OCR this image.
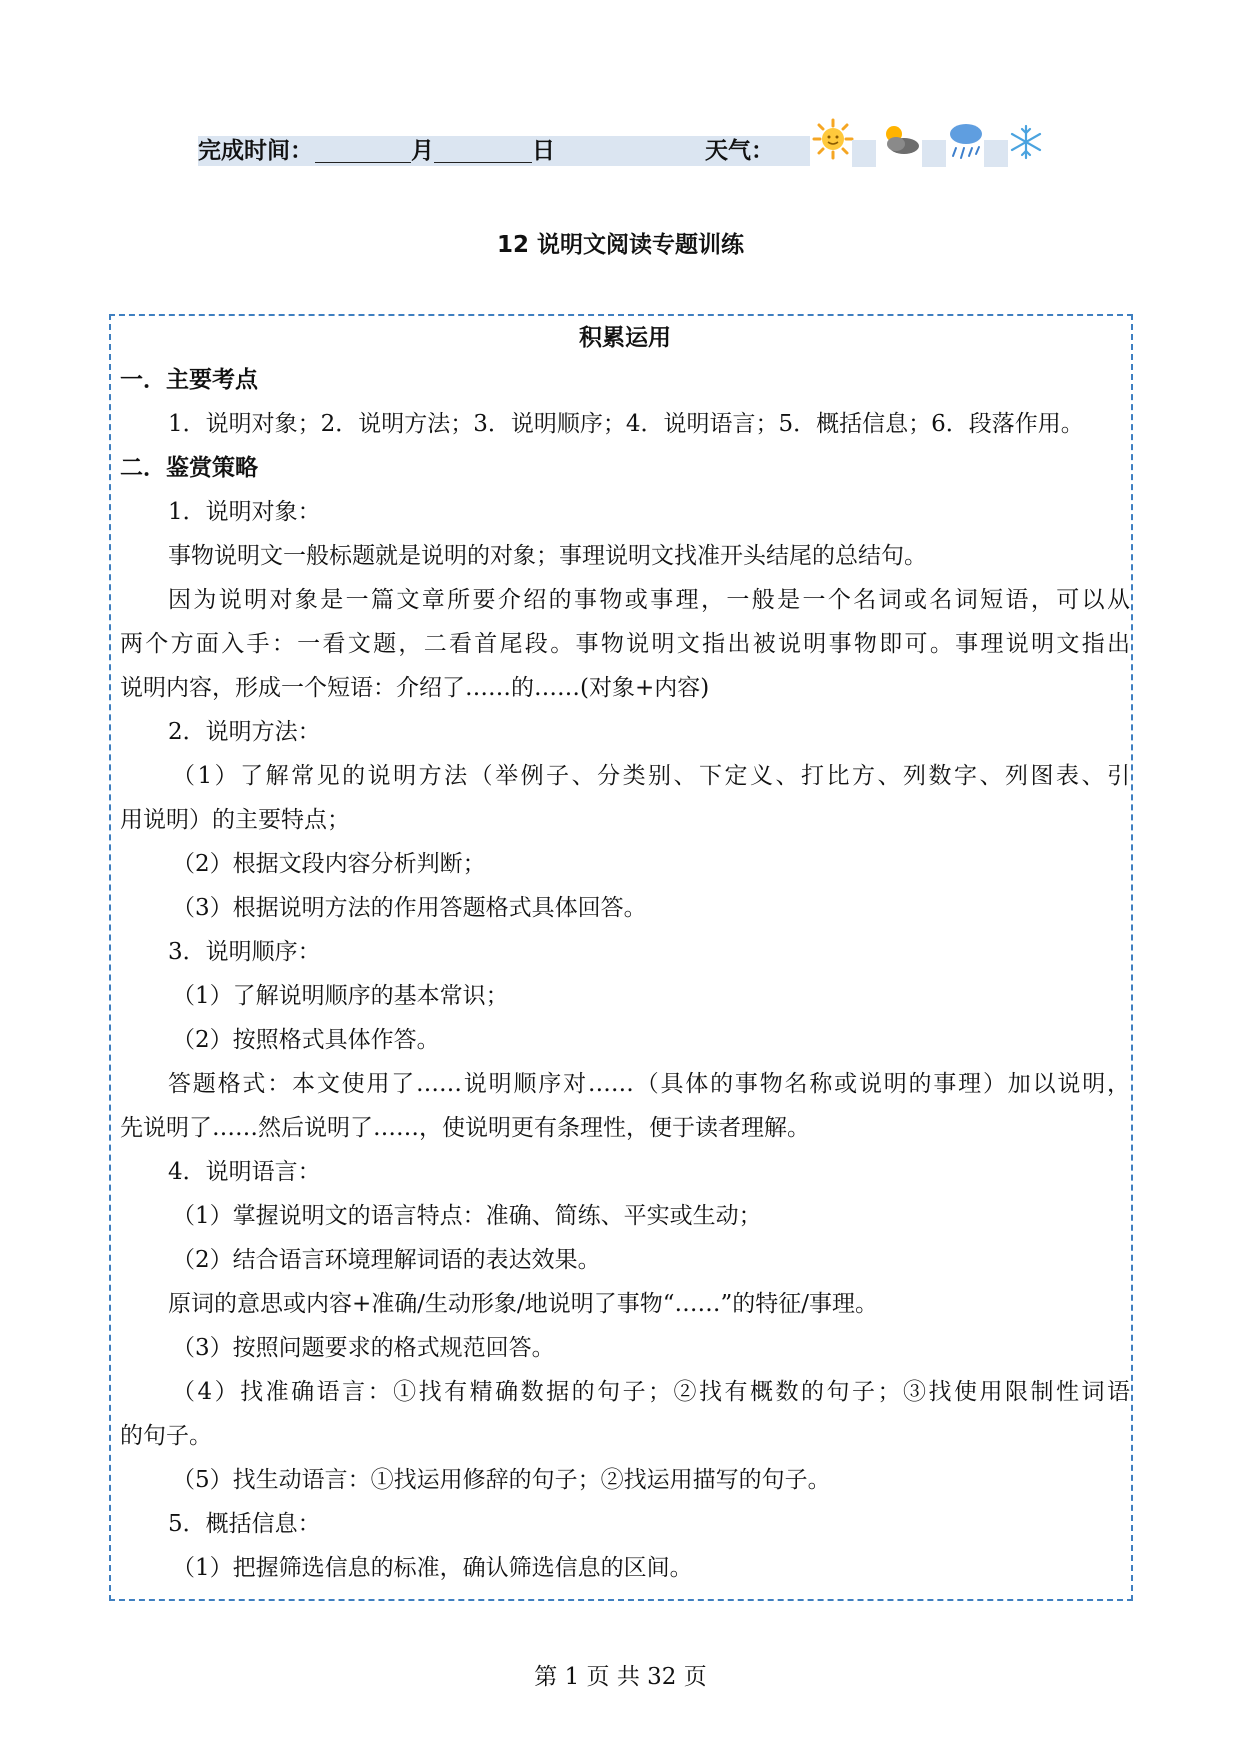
完成时间：	月	日	天气：
12 说明文阅读专题训练
积累运用
一．主要考点
1．说明对象；2．说明方法；3．说明顺序；4．说明语言；5．概括信息；6．段落作用。
二．鉴赏策略
1．说明对象：
事物说明文一般标题就是说明的对象；事理说明文找准开头结尾的总结句。
因为说明对象是一篇文章所要介绍的事物或事理，一般是一个名词或名词短语，可以从
两个方面入手：一看文题，二看首尾段。事物说明文指出被说明事物即可。事理说明文指出
说明内容，形成一个短语：介绍了……的……(对象+内容)
2．说明方法：
（1）了解常见的说明方法（举例子、分类别、下定义、打比方、列数字、列图表、引
用说明）的主要特点；
（2）根据文段内容分析判断；
（3）根据说明方法的作用答题格式具体回答。
3．说明顺序：
（1）了解说明顺序的基本常识；
（2）按照格式具体作答。
答题格式：本文使用了……说明顺序对……（具体的事物名称或说明的事理）加以说明，
先说明了……然后说明了……，使说明更有条理性，便于读者理解。
4．说明语言：
（1）掌握说明文的语言特点：准确、简练、平实或生动；
（2）结合语言环境理解词语的表达效果。
原词的意思或内容+准确/生动形象/地说明了事物“……”的特征/事理。
（3）按照问题要求的格式规范回答。
（4）找准确语言：①找有精确数据的句子；②找有概数的句子；③找使用限制性词语
的句子。
（5）找生动语言：①找运用修辞的句子；②找运用描写的句子。
5．概括信息：
（1）把握筛选信息的标准，确认筛选信息的区间。
第 1 页 共 32 页
